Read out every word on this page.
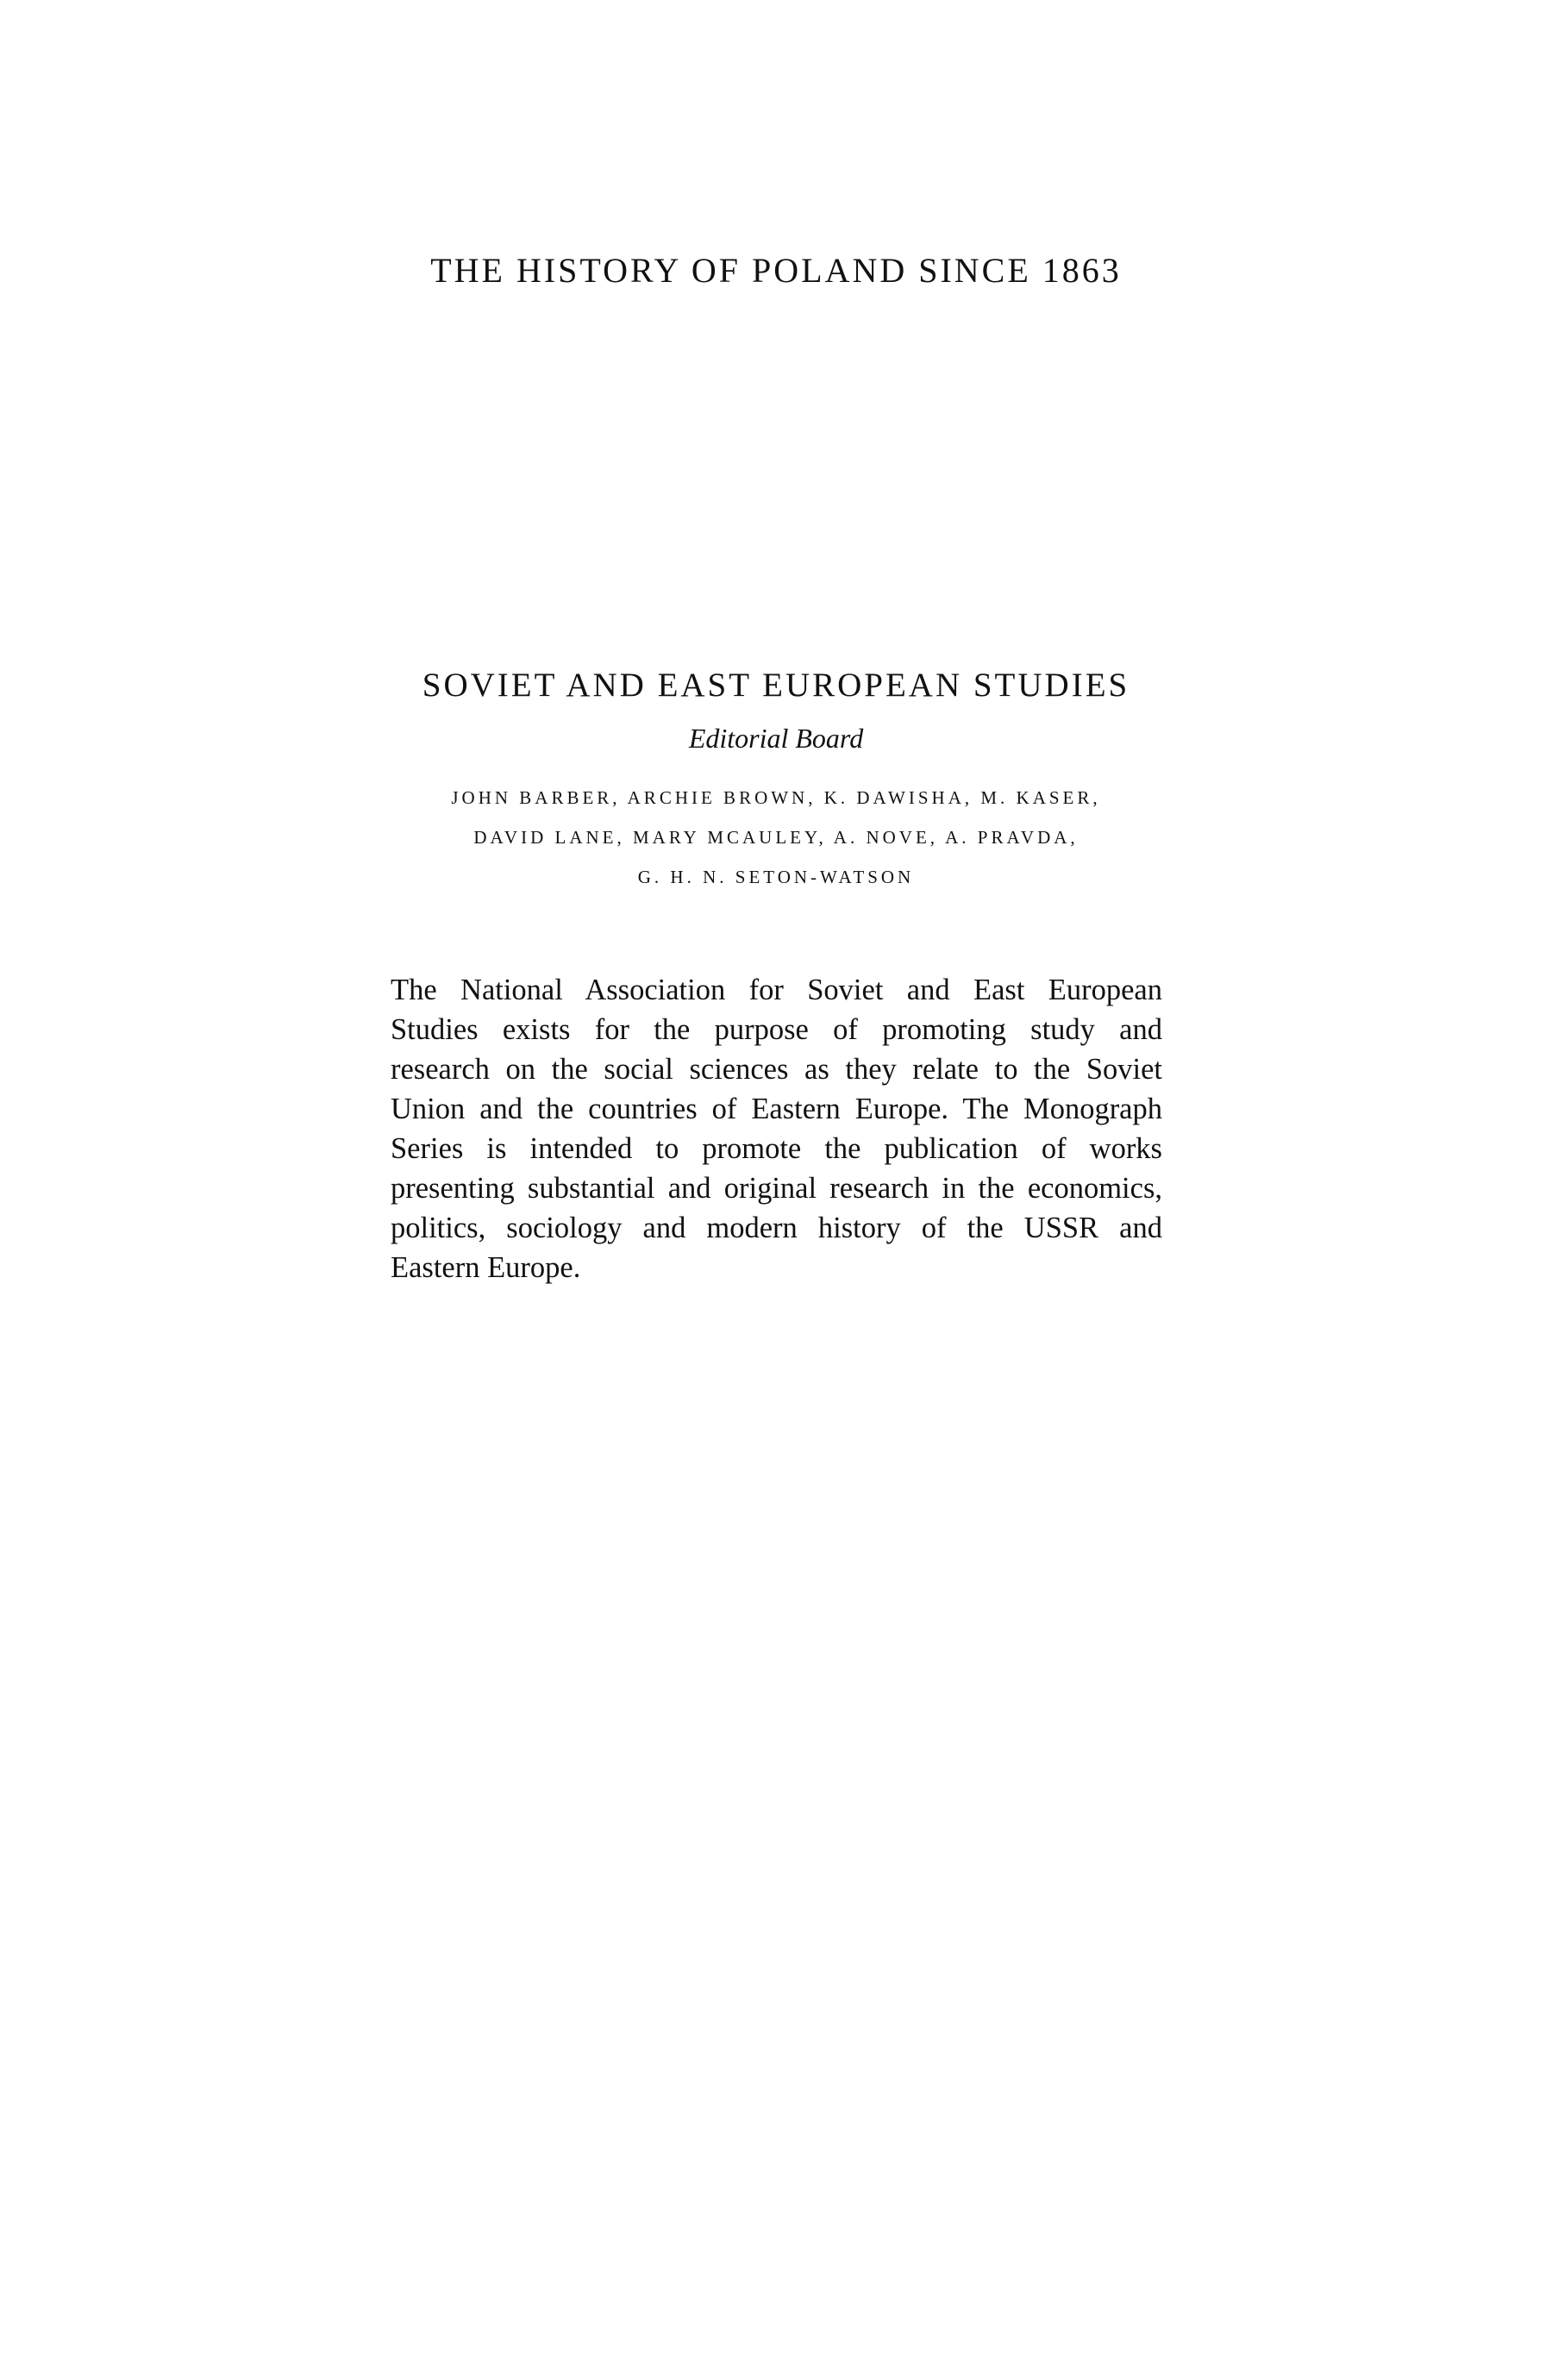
THE HISTORY OF POLAND SINCE 1863
SOVIET AND EAST EUROPEAN STUDIES
Editorial Board
JOHN BARBER, ARCHIE BROWN, K. DAWISHA, M. KASER,
DAVID LANE, MARY MCAULEY, A. NOVE, A. PRAVDA,
G. H. N. SETON-WATSON

The National Association for Soviet and East European
Studies exists for the purpose of promoting study and
research on the social sciences as they relate to the Soviet
Union and the countries of Eastern Europe. The Monograph
Series is intended to promote the publication of works
presenting substantial and original research in the economics,
politics, sociology and modern history of the USSR and
Eastern Europe.
